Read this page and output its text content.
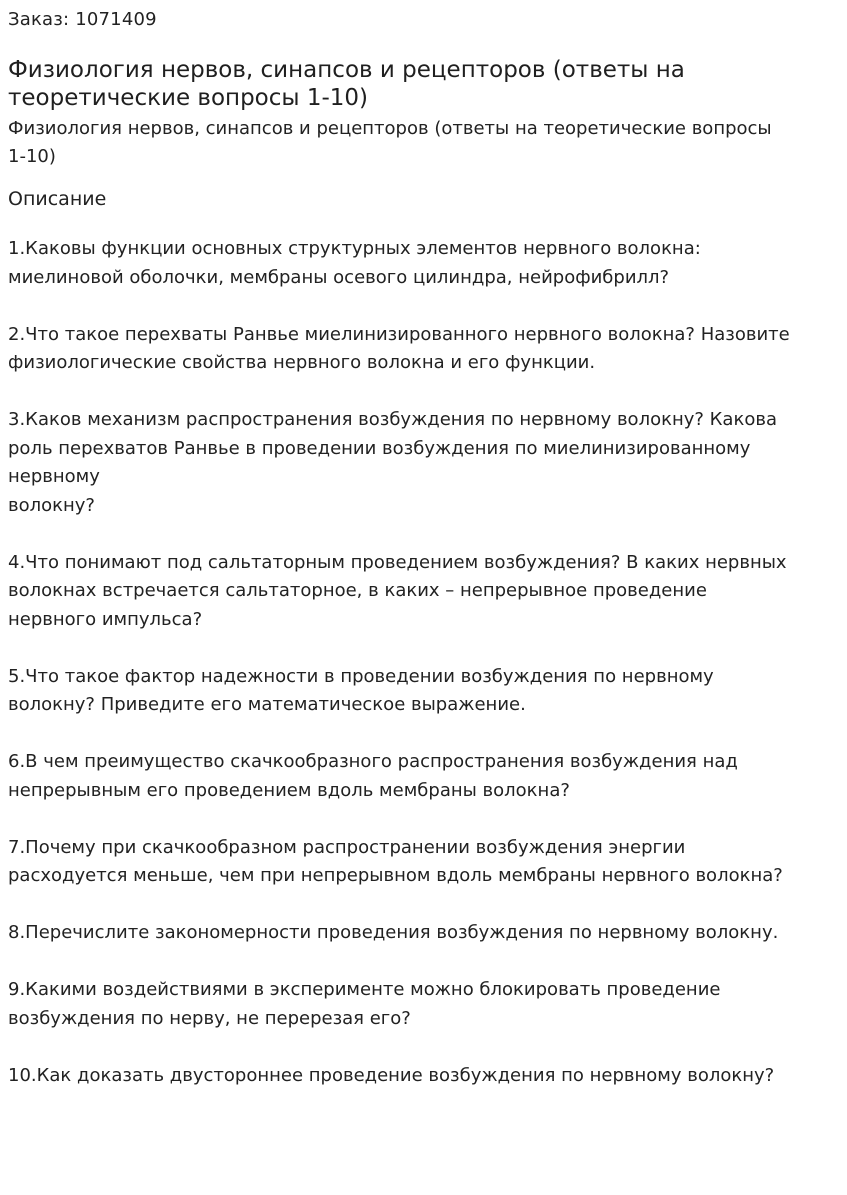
Заказ: 1071409

Физиология нервов, синапсов и рецепторов (ответы на
теоретические вопросы 1-10)

Физиология нервов, синапсов и рецепторов (ответы на теоретические вопросы
1-10)

Описание

1.Каковы функции основных структурных элементов нервного волокна:
миелиновой оболочки, мембраны осевого цилиндра, нейрофибрилл?
2.Что такое перехваты Ранвье миелинизированного нервного волокна? Назовите
физиологические свойства нервного волокна и его функции.
3.Каков механизм распространения возбуждения по нервному волокну? Какова
роль перехватов Ранвье в проведении возбуждения по миелинизированному
нервному
волокну?
4.Что понимают под сальтаторным проведением возбуждения? В каких нервных
волокнах встречается сальтаторное, в каких – непрерывное проведение
нервного импульса?
5.Что такое фактор надежности в проведении возбуждения по нервному
волокну? Приведите его математическое выражение.
6.В чем преимущество скачкообразного распространения возбуждения над
непрерывным его проведением вдоль мембраны волокна?
7.Почему при скачкообразном распространении возбуждения энергии
расходуется меньше, чем при непрерывном вдоль мембраны нервного волокна?
8.Перечислите закономерности проведения возбуждения по нервному волокну.
9.Какими воздействиями в эксперименте можно блокировать проведение
возбуждения по нерву, не перерезая его?
10.Как доказать двустороннее проведение возбуждения по нервному волокну?
